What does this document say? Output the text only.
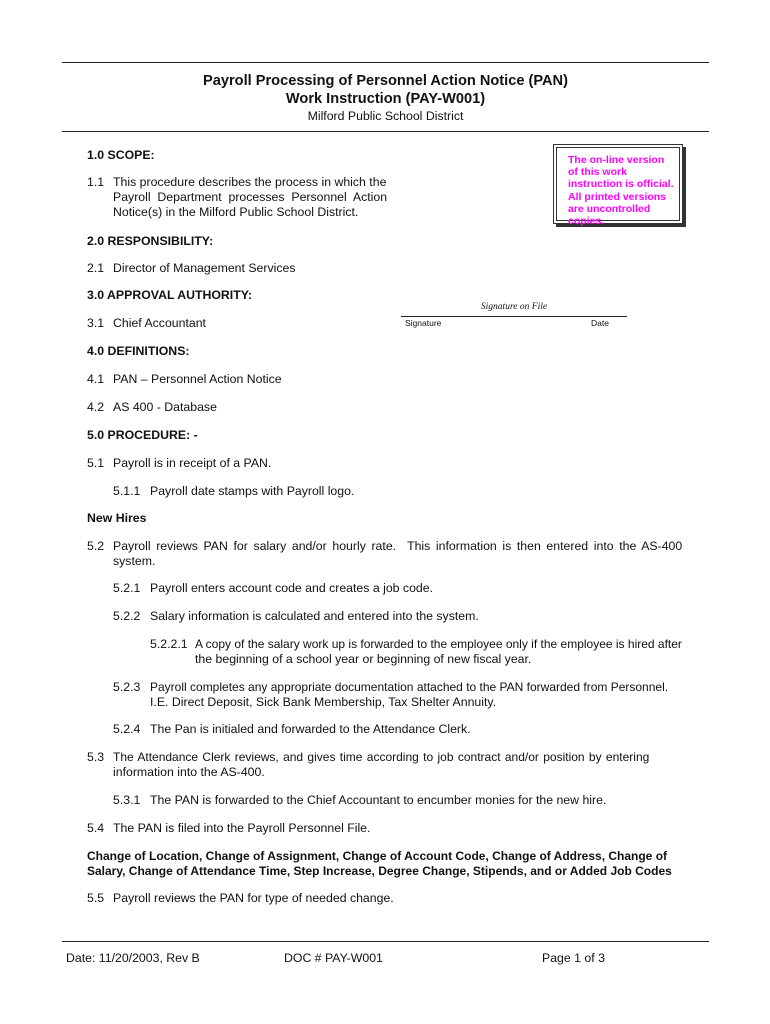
Payroll Processing of Personnel Action Notice (PAN)
Work Instruction (PAY-W001)
Milford Public School District
The on-line version of this work instruction is official. All printed versions are uncontrolled copies.
1.0 SCOPE:
1.1 This procedure describes the process in which the
Payroll  Department  processes  Personnel  Action
Notice(s) in the Milford Public School District.
2.0 RESPONSIBILITY:
2.1 Director of Management Services
3.0 APPROVAL AUTHORITY:
3.1 Chief Accountant
Signature on File
Signature	Date
4.0 DEFINITIONS:
4.1 PAN – Personnel Action Notice
4.2 AS 400 - Database
5.0 PROCEDURE: -
5.1 Payroll is in receipt of a PAN.
5.1.1 Payroll date stamps with Payroll logo.
New Hires
5.2 Payroll reviews PAN for salary and/or hourly rate.  This information is then entered into the AS-400
system.
5.2.1 Payroll enters account code and creates a job code.
5.2.2 Salary information is calculated and entered into the system.
5.2.2.1 A copy of the salary work up is forwarded to the employee only if the employee is hired after
the beginning of a school year or beginning of new fiscal year.
5.2.3 Payroll completes any appropriate documentation attached to the PAN forwarded from Personnel.
I.E. Direct Deposit, Sick Bank Membership, Tax Shelter Annuity.
5.2.4 The Pan is initialed and forwarded to the Attendance Clerk.
5.3 The Attendance Clerk reviews, and gives time according to job contract and/or position by entering
information into the AS-400.
5.3.1 The PAN is forwarded to the Chief Accountant to encumber monies for the new hire.
5.4 The PAN is filed into the Payroll Personnel File.
Change of Location, Change of Assignment, Change of Account Code, Change of Address, Change of
Salary, Change of Attendance Time, Step Increase, Degree Change, Stipends, and or Added Job Codes
5.5 Payroll reviews the PAN for type of needed change.
Date: 11/20/2003, Rev B	DOC # PAY-W001	Page 1 of 3
